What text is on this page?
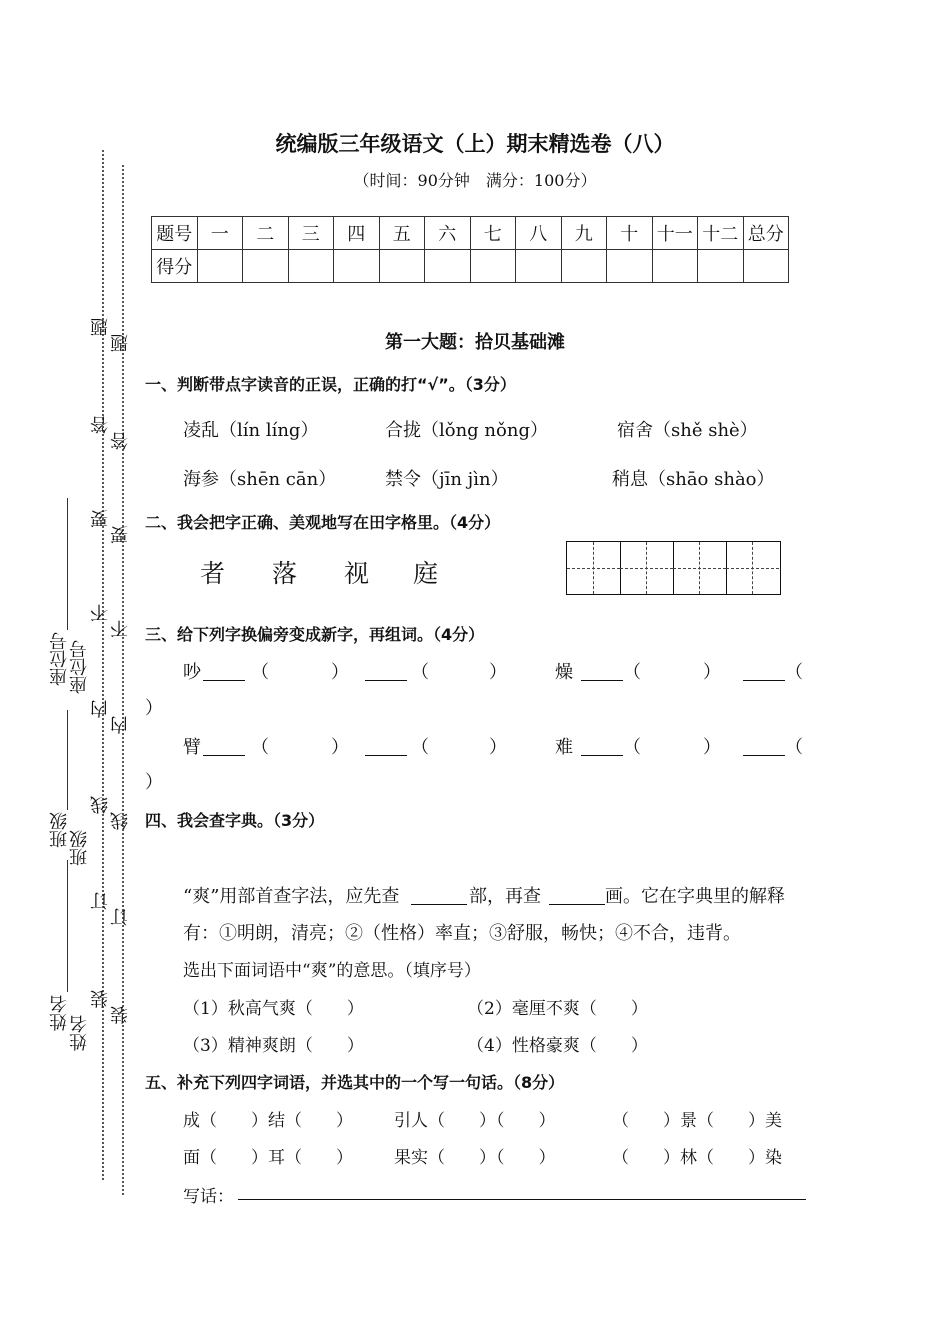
统编版三年级语文（上）期末精选卷（八）
（时间：90分钟　满分：100分）
题号	一	二	三	四	五	六	七	八	九	十	十一	十二	总分
得分													
座位号 座位号
班级 班级
姓名
姓名
题
题
答
答
要
要
不
不
内
内
线
线
订
订
装
装
第一大题：拾贝基础滩
一、判断带点字读音的正误，正确的打“√”。（3分）
凌乱（lín líng）	合拢（lǒng nǒng）	宿舍（shě shè）
海参（shēn cān）	禁令（jīn jìn）	稍息（shāo shào）
二、我会把字正确、美观地写在田字格里。（4分）
者 落 视 庭
三、给下列字换偏旁变成新字，再组词。（4分）
吵	（	）	（	）	燥	（	）	（
）
臂	（	）	（	）	难	（	）	（
）
四、我会查字典。（3分）
“爽”用部首查字法，应先查	部，再查	画。它在字典里的解释
有：①明朗，清亮；②（性格）率直；③舒服，畅快；④不合，违背。
选出下面词语中“爽”的意思。（填序号）
（1）秋高气爽（　　）	（2）毫厘不爽（　　）
（3）精神爽朗（　　）	（4）性格豪爽（　　）
五、补充下列四字词语，并选其中的一个写一句话。（8分）
成（　　）结（　　） 引人（　　）（　　）	（　　）景（　　）美
面（　　）耳（　　） 果实（　　）（　　）	（　　）林（　　）染
写话：
